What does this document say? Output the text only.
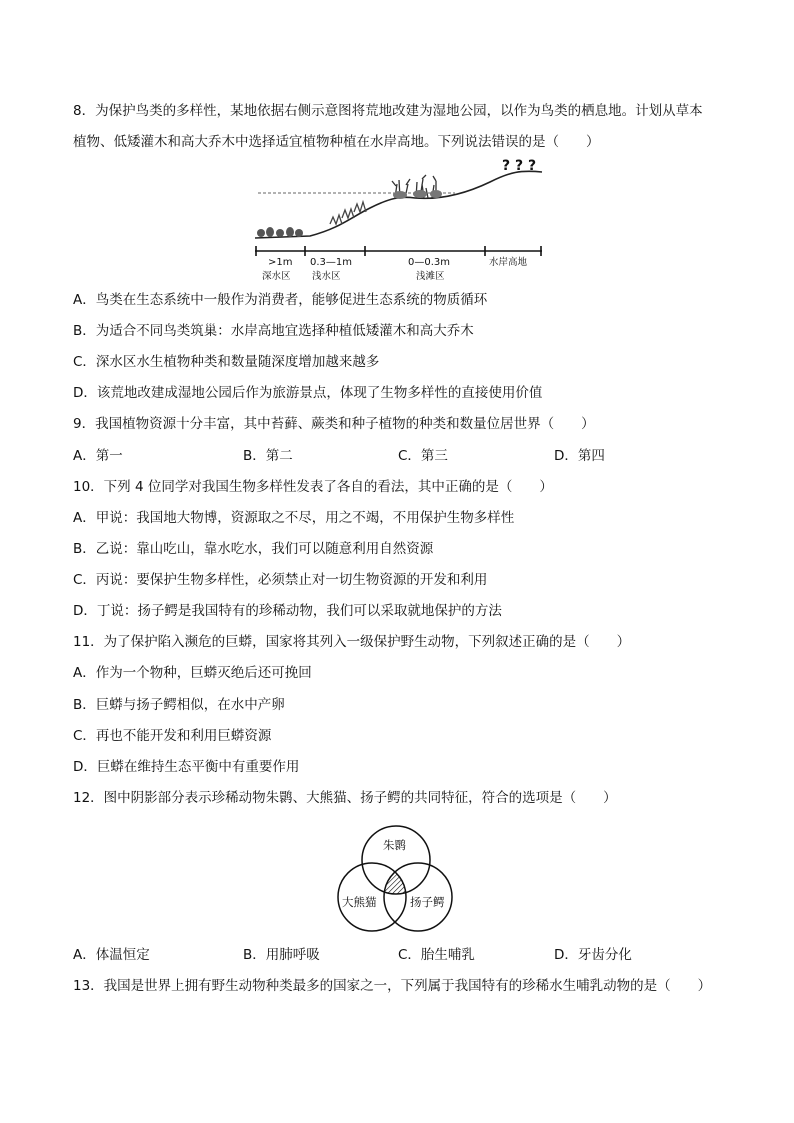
8．为保护鸟类的多样性，某地依据右侧示意图将荒地改建为湿地公园，以作为鸟类的栖息地。计划从草本
植物、低矮灌木和高大乔木中选择适宜植物种植在水岸高地。下列说法错误的是（　　）
? ? ?
>1m 0.3—1m	0—0.3m
深水区 浅水区	浅滩区
水岸高地
A．鸟类在生态系统中一般作为消费者，能够促进生态系统的物质循环
B．为适合不同鸟类筑巢：水岸高地宜选择种植低矮灌木和高大乔木
C．深水区水生植物种类和数量随深度增加越来越多
D．该荒地改建成湿地公园后作为旅游景点，体现了生物多样性的直接使用价值
9．我国植物资源十分丰富，其中苔藓、蕨类和种子植物的种类和数量位居世界（　　）
A．第一	B．第二	C．第三	D．第四
10．下列 4 位同学对我国生物多样性发表了各自的看法，其中正确的是（　　）
A．甲说：我国地大物博，资源取之不尽，用之不竭，不用保护生物多样性
B．乙说：靠山吃山，靠水吃水，我们可以随意利用自然资源
C．丙说：要保护生物多样性，必须禁止对一切生物资源的开发和利用
D．丁说：扬子鳄是我国特有的珍稀动物，我们可以采取就地保护的方法
11．为了保护陷入濒危的巨蟒，国家将其列入一级保护野生动物，下列叙述正确的是（　　）
A．作为一个物种，巨蟒灭绝后还可挽回
B．巨蟒与扬子鳄相似，在水中产卵
C．再也不能开发和利用巨蟒资源
D．巨蟒在维持生态平衡中有重要作用
12．图中阴影部分表示珍稀动物朱鹮、大熊猫、扬子鳄的共同特征，符合的选项是（　　）
朱鹮
大熊猫	扬子鳄
A．体温恒定	B．用肺呼吸	C．胎生哺乳	D．牙齿分化
13．我国是世界上拥有野生动物种类最多的国家之一，下列属于我国特有的珍稀水生哺乳动物的是（　　）
